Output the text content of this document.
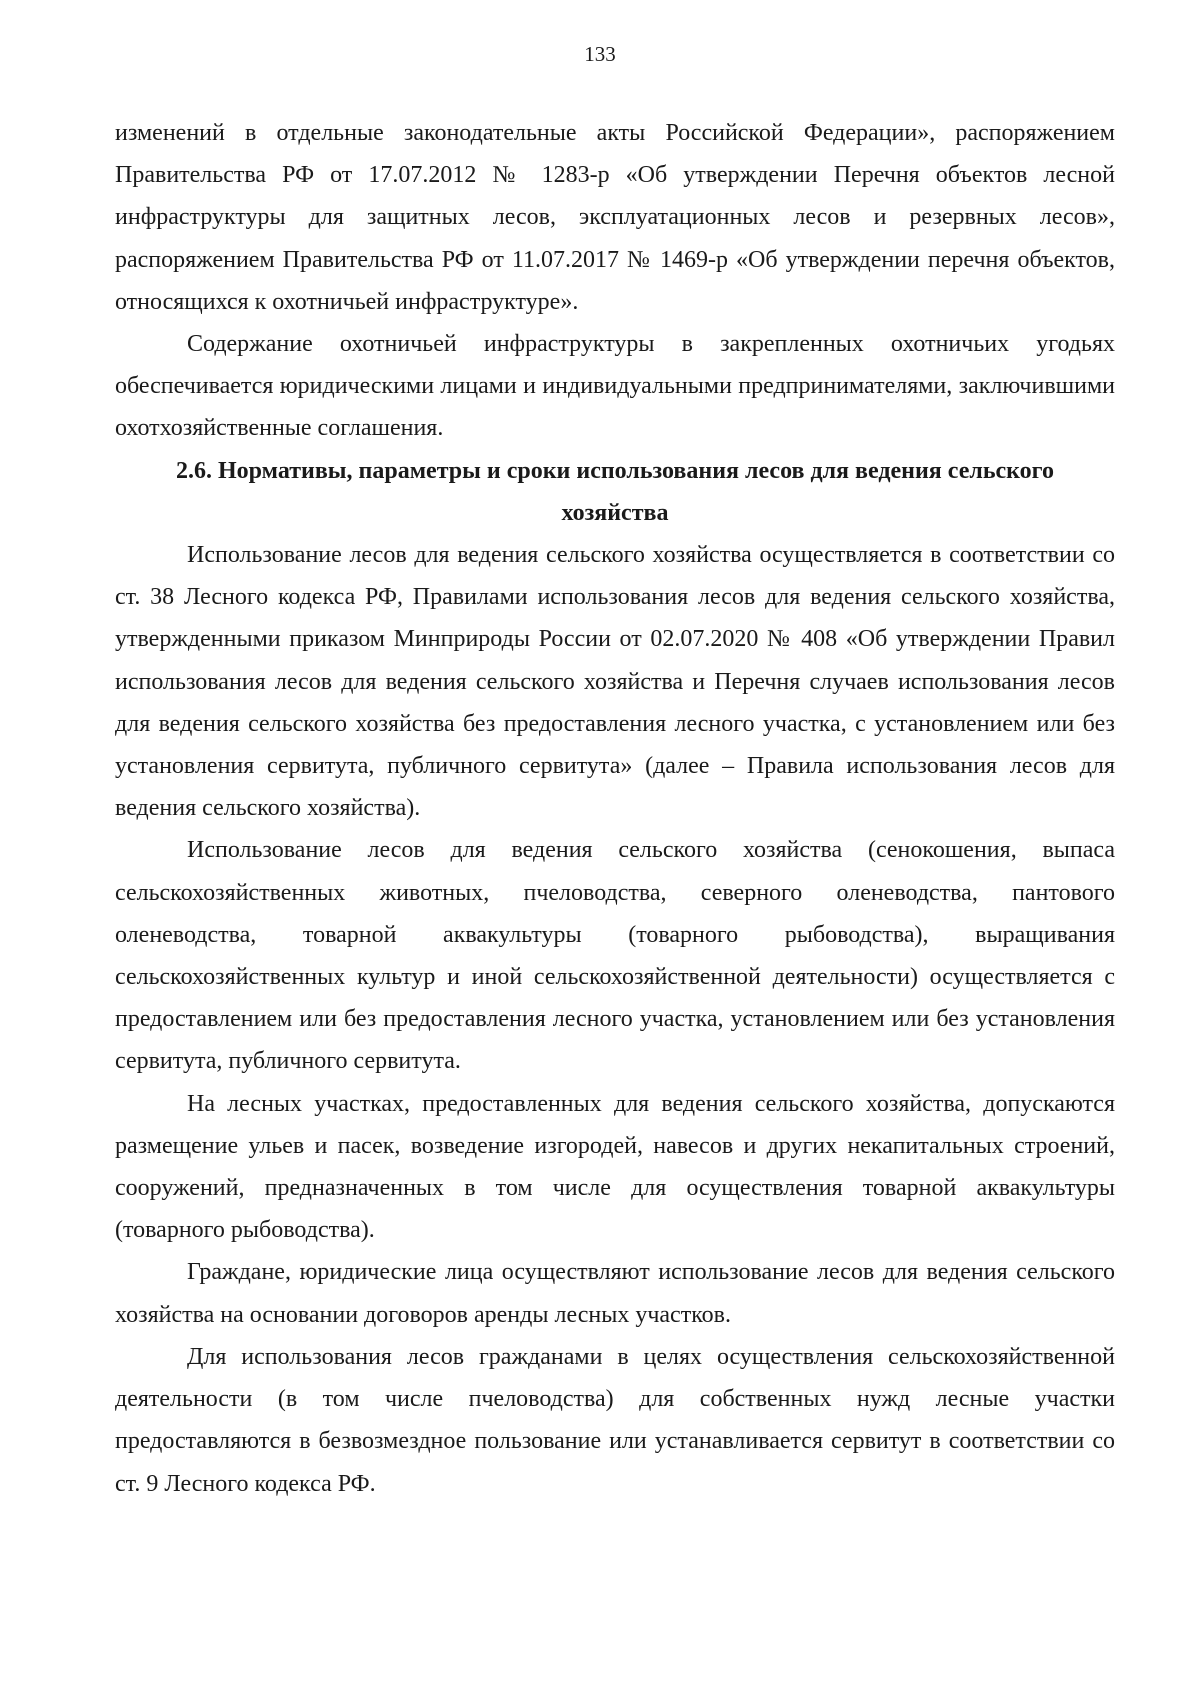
133

изменений в отдельные законодательные акты Российской Федерации», распоряжением Правительства РФ от 17.07.2012 № 1283-р «Об утверждении Перечня объектов лесной инфраструктуры для защитных лесов, эксплуатационных лесов и резервных лесов», распоряжением Правительства РФ от 11.07.2017 № 1469-р «Об утверждении перечня объектов, относящихся к охотничьей инфраструктуре».

Содержание охотничьей инфраструктуры в закрепленных охотничьих угодьях обеспечивается юридическими лицами и индивидуальными предпринимателями, заключившими охотхозяйственные соглашения.

2.6. Нормативы, параметры и сроки использования лесов для ведения сельского хозяйства

Использование лесов для ведения сельского хозяйства осуществляется в соответствии со ст. 38 Лесного кодекса РФ, Правилами использования лесов для ведения сельского хозяйства, утвержденными приказом Минприроды России от 02.07.2020 № 408 «Об утверждении Правил использования лесов для ведения сельского хозяйства и Перечня случаев использования лесов для ведения сельского хозяйства без предоставления лесного участка, с установлением или без установления сервитута, публичного сервитута» (далее – Правила использования лесов для ведения сельского хозяйства).

Использование лесов для ведения сельского хозяйства (сенокошения, выпаса сельскохозяйственных животных, пчеловодства, северного оленеводства, пантового оленеводства, товарной аквакультуры (товарного рыбоводства), выращивания сельскохозяйственных культур и иной сельскохозяйственной деятельности) осуществляется с предоставлением или без предоставления лесного участка, установлением или без установления сервитута, публичного сервитута.

На лесных участках, предоставленных для ведения сельского хозяйства, допускаются размещение ульев и пасек, возведение изгородей, навесов и других некапитальных строений, сооружений, предназначенных в том числе для осуществления товарной аквакультуры (товарного рыбоводства).

Граждане, юридические лица осуществляют использование лесов для ведения сельского хозяйства на основании договоров аренды лесных участков.

Для использования лесов гражданами в целях осуществления сельскохозяйственной деятельности (в том числе пчеловодства) для собственных нужд лесные участки предоставляются в безвозмездное пользование или устанавливается сервитут в соответствии со ст. 9 Лесного кодекса РФ.
